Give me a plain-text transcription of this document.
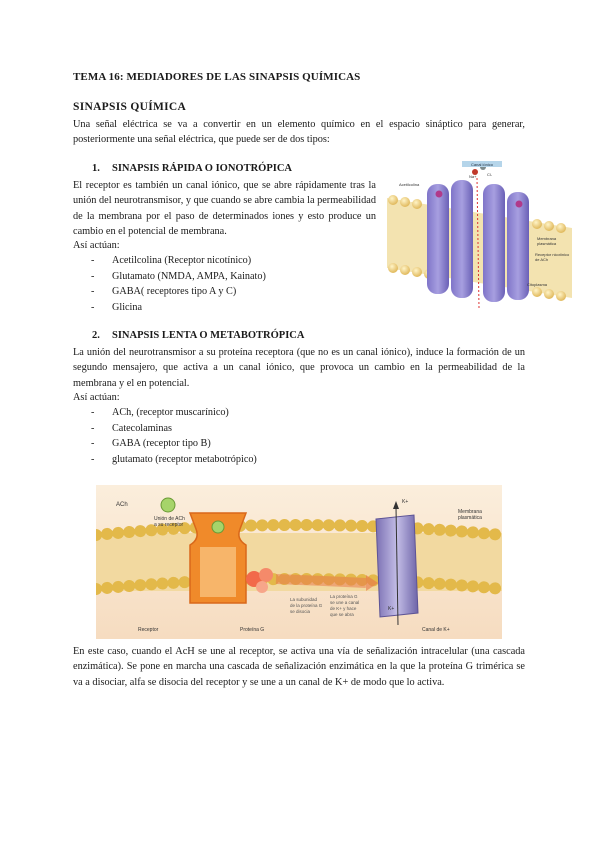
TEMA 16: MEDIADORES DE LAS SINAPSIS QUÍMICAS
SINAPSIS QUÍMICA
Una señal eléctrica se va a convertir en un elemento químico en el espacio sináptico para generar, posteriormente una señal eléctrica, que puede ser de dos tipos:
1. SINAPSIS RÁPIDA O IONOTRÓPICA
El receptor es también un canal iónico, que se abre rápidamente tras la unión del neurotransmisor, y que cuando se abre cambia la permeabilidad de la membrana por el paso de determinados iones y esto produce un cambio en el potencial de membrana.
Así actúan:
- Acetilcolina (Receptor nicotínico)
- Glutamato (NMDA, AMPA, Kainato)
- GABA( receptores tipo A y C)
- Glicina
2. SINAPSIS LENTA O METABOTRÓPICA
La unión del neurotransmisor a su proteína receptora (que no es un canal iónico), induce la formación de un segundo mensajero, que activa a un canal iónico, que provoca un cambio en la permeabilidad de la membrana y el en potencial.
Así actúan:
- ACh, (receptor muscarínico)
- Catecolaminas
- GABA (receptor tipo B)
- glutamato (receptor metabotrópico)
Canal iónico
Acetilcolina
Na+	Cl-
Membrana
plasmática
Receptor nicotínico
de ACh
Citoplasma
ACh
Unión de ACh
a su receptor
K+
Membrana
plasmática
La subunidad
de la proteína G
se disocia
La proteína G
se une a canal
de K+ y hace
que se abra
K+
Receptor	Proteína G	Canal de K+
En este caso, cuando el AcH se une al receptor, se activa una vía de señalización intracelular (una cascada enzimática). Se pone en marcha una cascada de señalización enzimática en la que la proteína G trimérica se va a disociar, alfa se disocia del receptor y se une a un canal de K+ de modo que lo activa.
